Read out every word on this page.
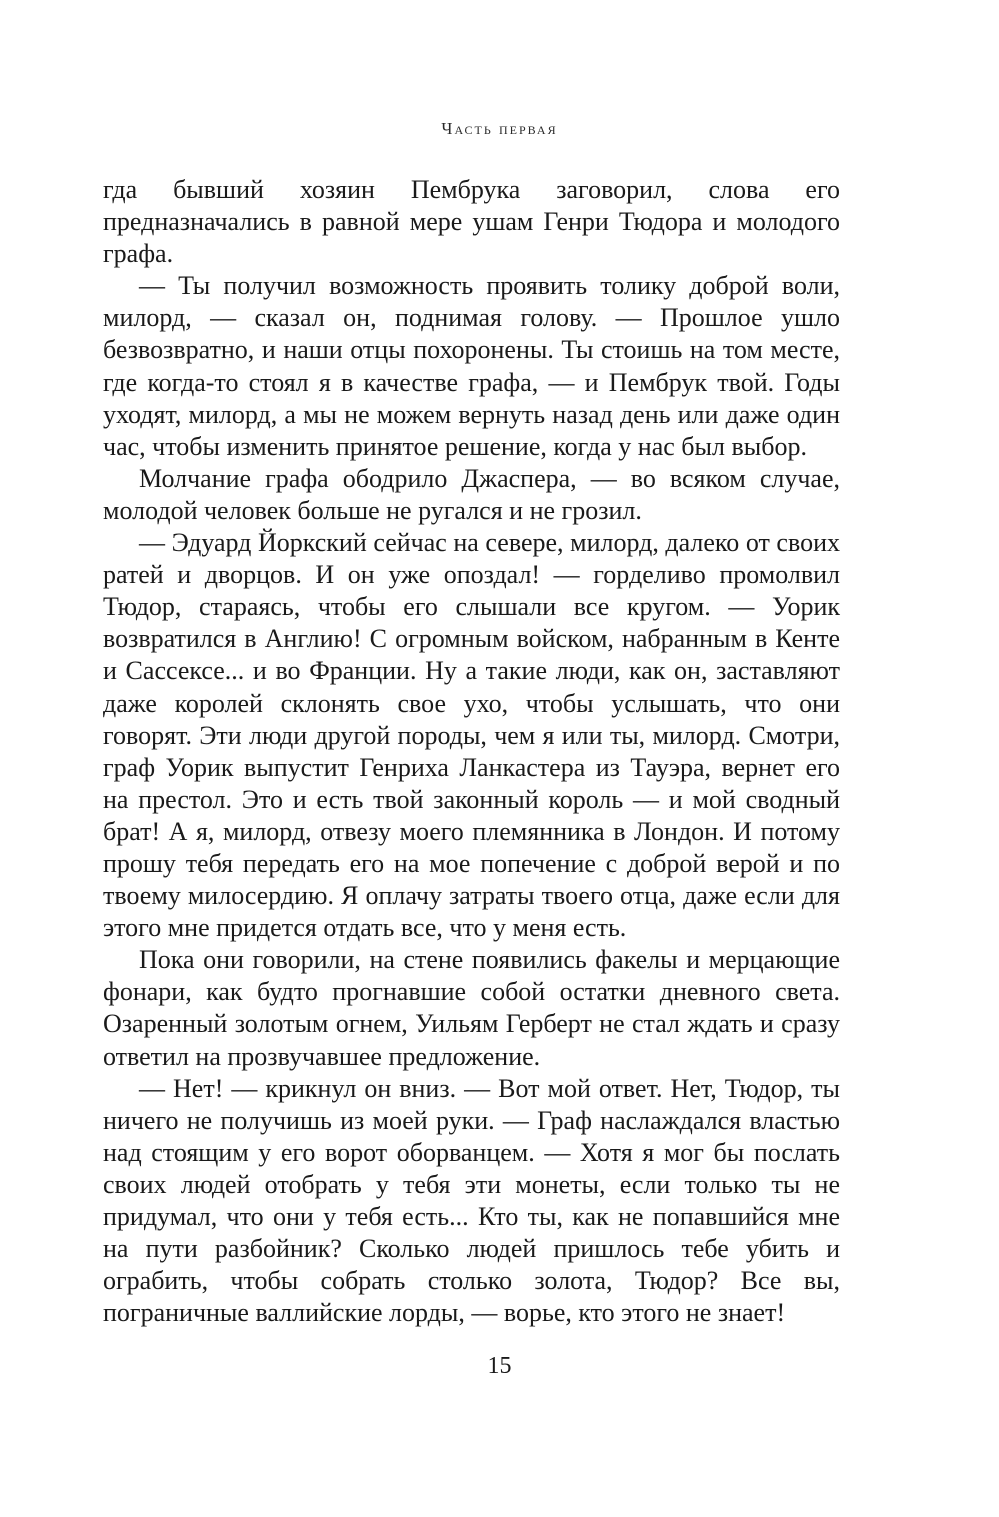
Часть первая

гда бывший хозяин Пембрука заговорил, слова его предназначались в равной мере ушам Генри Тюдора и молодого графа.

— Ты получил возможность проявить толику доброй воли, милорд, — сказал он, поднимая голову. — Прошлое ушло безвозвратно, и наши отцы похоронены. Ты стоишь на том месте, где когда-то стоял я в качестве графа, — и Пембрук твой. Годы уходят, милорд, а мы не можем вернуть назад день или даже один час, чтобы изменить принятое решение, когда у нас был выбор.

Молчание графа ободрило Джаспера, — во всяком случае, молодой человек больше не ругался и не грозил.

— Эдуард Йоркский сейчас на севере, милорд, далеко от своих ратей и дворцов. И он уже опоздал! — горделиво промолвил Тюдор, стараясь, чтобы его слышали все кругом. — Уорик возвратился в Англию! С огромным войском, набранным в Кенте и Сассексе... и во Франции. Ну а такие люди, как он, заставляют даже королей склонять свое ухо, чтобы услышать, что они говорят. Эти люди другой породы, чем я или ты, милорд. Смотри, граф Уорик выпустит Генриха Ланкастера из Тауэра, вернет его на престол. Это и есть твой законный король — и мой сводный брат! А я, милорд, отвезу моего племянника в Лондон. И потому прошу тебя передать его на мое попечение с доброй верой и по твоему милосердию. Я оплачу затраты твоего отца, даже если для этого мне придется отдать все, что у меня есть.

Пока они говорили, на стене появились факелы и мерцающие фонари, как будто прогнавшие собой остатки дневного света. Озаренный золотым огнем, Уильям Герберт не стал ждать и сразу ответил на прозвучавшее предложение.

— Нет! — крикнул он вниз. — Вот мой ответ. Нет, Тюдор, ты ничего не получишь из моей руки. — Граф наслаждался властью над стоящим у его ворот оборванцем. — Хотя я мог бы послать своих людей отобрать у тебя эти монеты, если только ты не придумал, что они у тебя есть... Кто ты, как не попавшийся мне на пути разбойник? Сколько людей пришлось тебе убить и ограбить, чтобы собрать столько золота, Тюдор? Все вы, пограничные валлийские лорды, — ворье, кто этого не знает!

15
